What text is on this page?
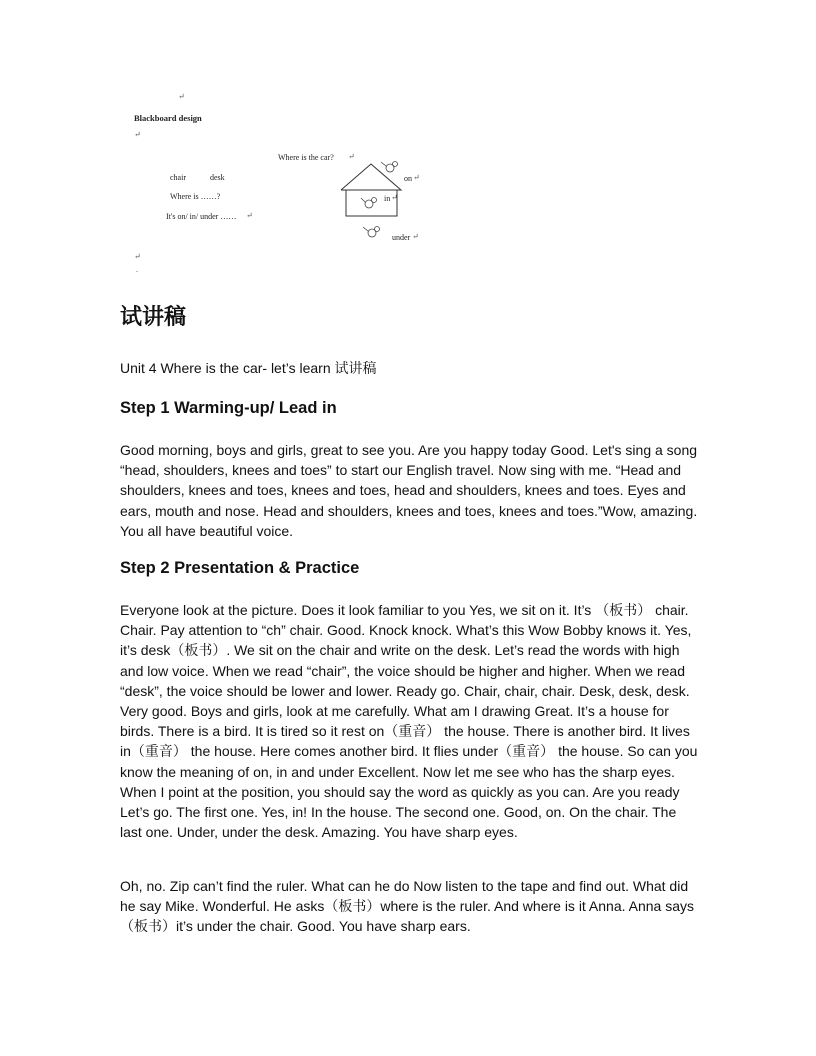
↵
Blackboard design
↵
Where is the car? ↵
chair	desk
Where is ……?
It's on/ in/ under …… ↵
on ↵
in ↵
under ↵
↵
.
试讲稿
Unit 4 Where is the car- let’s learn 试讲稿
Step 1 Warming-up/ Lead in

Good morning, boys and girls, great to see you. Are you happy today Good. Let's sing a song “head, shoulders, knees and toes” to start our English travel. Now sing with me. “Head and shoulders, knees and toes, knees and toes, head and shoulders, knees and toes. Eyes and ears, mouth and nose. Head and shoulders, knees and toes, knees and toes.”Wow, amazing. You all have beautiful voice.

Step 2 Presentation & Practice

Everyone look at the picture. Does it look familiar to you Yes, we sit on it. It’s （板书） chair. Chair. Pay attention to “ch” chair. Good. Knock knock. What’s this Wow Bobby knows it. Yes, it’s desk（板书）. We sit on the chair and write on the desk. Let’s read the words with high and low voice. When we read “chair”, the voice should be higher and higher. When we read “desk”, the voice should be lower and lower. Ready go. Chair, chair, chair. Desk, desk, desk. Very good. Boys and girls, look at me carefully. What am I drawing Great. It’s a house for birds. There is a bird. It is tired so it rest on（重音） the house. There is another bird. It lives in（重音） the house. Here comes another bird. It flies under（重音） the house. So can you know the meaning of on, in and under Excellent. Now let me see who has the sharp eyes. When I point at the position, you should say the word as quickly as you can. Are you ready Let’s go. The first one. Yes, in! In the house. The second one. Good, on. On the chair. The last one. Under, under the desk. Amazing. You have sharp eyes.

Oh, no. Zip can’t find the ruler. What can he do Now listen to the tape and find out. What did he say Mike. Wonderful. He asks（板书）where is the ruler. And where is it Anna. Anna says （板书）it’s under the chair. Good. You have sharp ears.
